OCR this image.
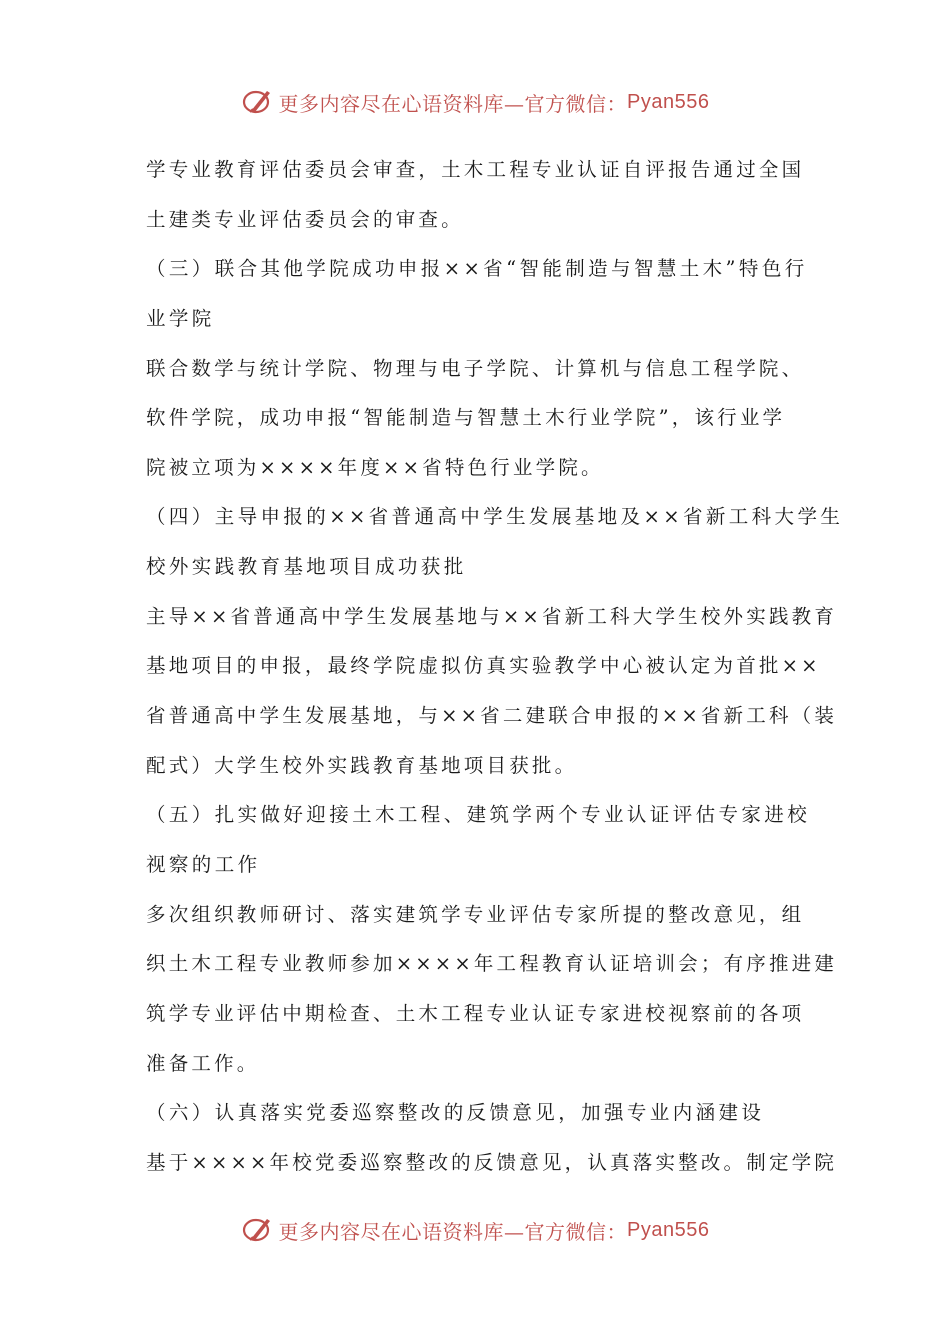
更多内容尽在心语资料库—官方微信： Pyan556
学专业教育评估委员会审查，土木工程专业认证自评报告通过全国
土建类专业评估委员会的审查。
（三）联合其他学院成功申报××省“智能制造与智慧土木”特色行
业学院
联合数学与统计学院、物理与电子学院、计算机与信息工程学院、
软件学院，成功申报“智能制造与智慧土木行业学院”，该行业学
院被立项为××××年度××省特色行业学院。
（四）主导申报的××省普通高中学生发展基地及××省新工科大学生
校外实践教育基地项目成功获批
主导××省普通高中学生发展基地与××省新工科大学生校外实践教育
基地项目的申报，最终学院虚拟仿真实验教学中心被认定为首批××
省普通高中学生发展基地，与××省二建联合申报的××省新工科（装
配式）大学生校外实践教育基地项目获批。
（五）扎实做好迎接土木工程、建筑学两个专业认证评估专家进校
视察的工作
多次组织教师研讨、落实建筑学专业评估专家所提的整改意见，组
织土木工程专业教师参加××××年工程教育认证培训会；有序推进建
筑学专业评估中期检查、土木工程专业认证专家进校视察前的各项
准备工作。
（六）认真落实党委巡察整改的反馈意见，加强专业内涵建设
基于××××年校党委巡察整改的反馈意见，认真落实整改。制定学院
更多内容尽在心语资料库—官方微信： Pyan556
